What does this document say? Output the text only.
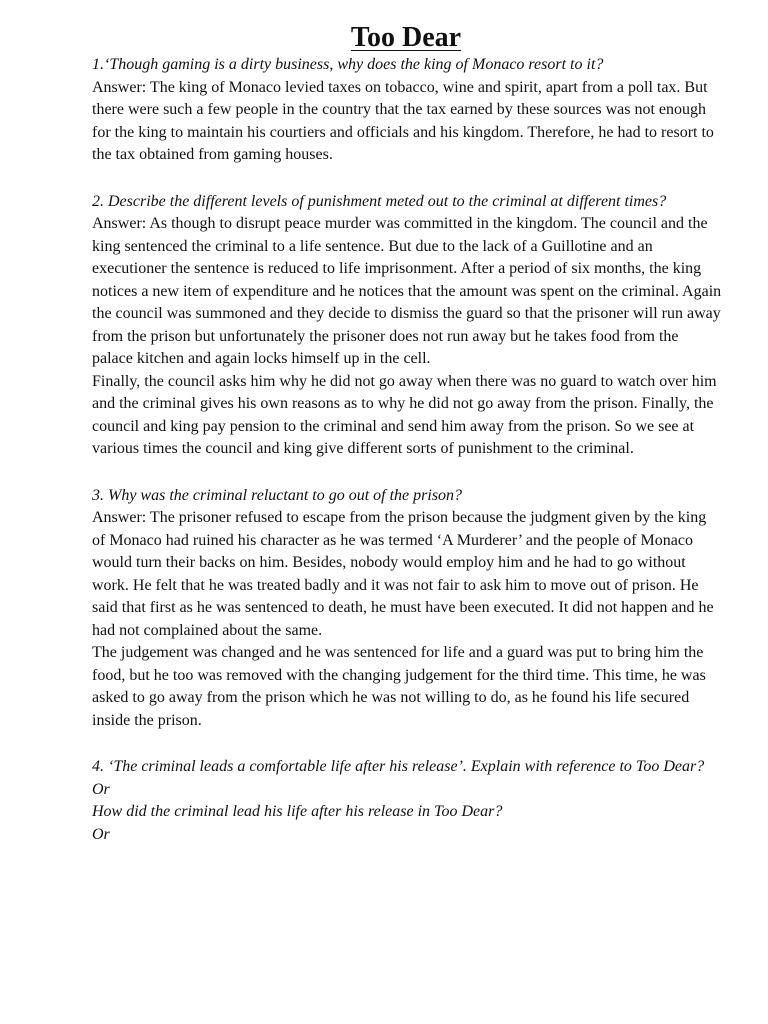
Too Dear

1.‘Though gaming is a dirty business, why does the king of Monaco resort to it?

Answer: The king of Monaco levied taxes on tobacco, wine and spirit, apart from a poll tax. But there were such a few people in the country that the tax earned by these sources was not enough for the king to maintain his courtiers and officials and his kingdom. Therefore, he had to resort to the tax obtained from gaming houses.

2. Describe the different levels of punishment meted out to the criminal at different times?

Answer: As though to disrupt peace murder was committed in the kingdom. The council and the king sentenced the criminal to a life sentence. But due to the lack of a Guillotine and an executioner the sentence is reduced to life imprisonment. After a period of six months, the king notices a new item of expenditure and he notices that the amount was spent on the criminal. Again the council was summoned and they decide to dismiss the guard so that the prisoner will run away from the prison but unfortunately the prisoner does not run away but he takes food from the palace kitchen and again locks himself up in the cell.

Finally, the council asks him why he did not go away when there was no guard to watch over him and the criminal gives his own reasons as to why he did not go away from the prison. Finally, the council and king pay pension to the criminal and send him away from the prison. So we see at various times the council and king give different sorts of punishment to the criminal.

3. Why was the criminal reluctant to go out of the prison?

Answer: The prisoner refused to escape from the prison because the judgment given by the king of Monaco had ruined his character as he was termed ‘A Murderer’ and the people of Monaco would turn their backs on him. Besides, nobody would employ him and he had to go without work. He felt that he was treated badly and it was not fair to ask him to move out of prison. He said that first as he was sentenced to death, he must have been executed. It did not happen and he had not complained about the same.

The judgement was changed and he was sentenced for life and a guard was put to bring him the food, but he too was removed with the changing judgement for the third time. This time, he was asked to go away from the prison which he was not willing to do, as he found his life secured inside the prison.

4. ‘The criminal leads a comfortable life after his release’. Explain with reference to Too Dear?

Or

How did the criminal lead his life after his release in Too Dear?

Or
